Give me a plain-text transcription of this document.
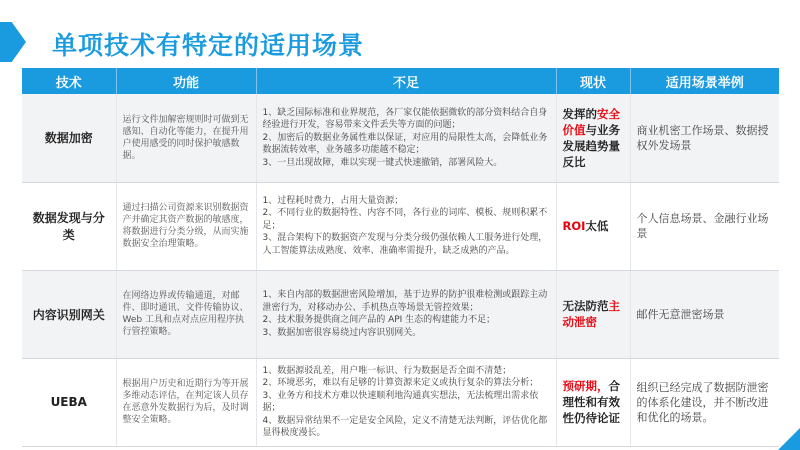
单项技术有特定的适用场景
技术	功能	不足	现状	适用场景举例
数据加密	运行文件加解密规则时可做到无感知、自动化等能力，在提升用户使用感受的同时保护敏感数据。	1、缺乏国际标准和业界规范，各厂家仅能依据微软的部分资料结合自身经验进行开发，容易带来文件丢失等方面的问题；
2、加密后的数据业务属性难以保证，对应用的局限性太高，会降低业务数据流转效率，业务越多功能越不稳定；
3、一旦出现故障，难以实现一键式快速撤销，部署风险大。	发挥的安全价值与业务发展趋势量反比	商业机密工作场景、数据授权外发场景
数据发现与分类	通过扫描公司资源来识别数据资产并确定其资产数据的敏感度，将数据进行分类分级，从而实施数据安全治理策略。	1、过程耗时费力，占用大量资源；
2、不同行业的数据特性、内容不同，各行业的词库、模板、规则积累不足；
3、混合架构下的数据资产发现与分类分级仍强依赖人工服务进行处理，人工智能算法成熟度、效率、准确率需提升，缺乏成熟的产品。	ROI太低	个人信息场景、金融行业场景
内容识别网关	在网络边界或传输通道，对邮件、即时通讯、文件传输协议、Web 工具和点对点应用程序执行管控策略。	1、来自内部的数据泄密风险增加，基于边界的防护很难检测或跟踪主动泄密行为，对移动办公、手机热点等场景无管控效果；
2、技术服务提供商之间产品的 API 生态的构建能力不足；
3、数据加密很容易绕过内容识别网关。	无法防范主动泄密	邮件无意泄密场景
UEBA	根据用户历史和近期行为等开展多维动态评估，在判定该人员存在恶意外发数据行为后，及时调整安全策略。	1、数据源驳乱差，用户唯一标识、行为数据是否全面不清楚；
2、环境恶劣，难以有足够的计算资源来定义或执行复杂的算法分析；
3、业务方和技术方难以快速顺利地沟通真实想法，无法梳理出需求依据；
4、数据异常结果不一定是安全风险，定义不清楚无法判断，评估优化都显得极度漫长。	预研期，合理性和有效性仍待论证	组织已经完成了数据防泄密的体系化建设，并不断改进和优化的场景。
